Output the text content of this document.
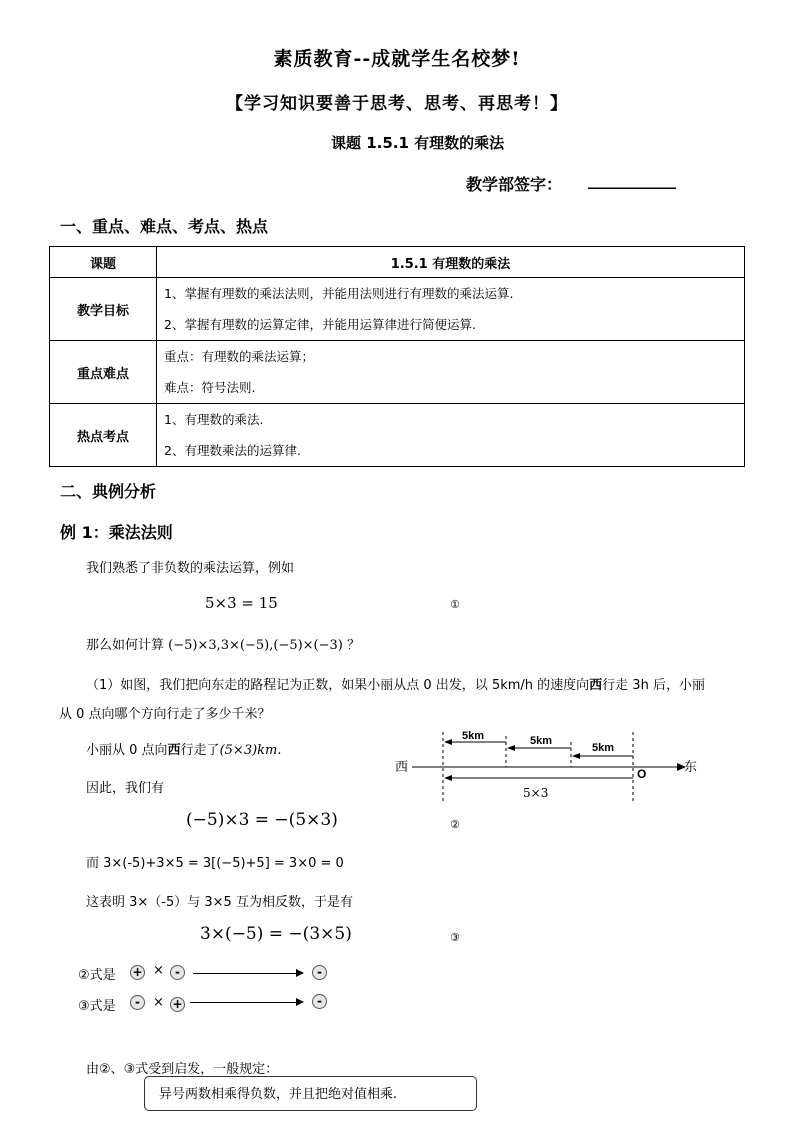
素质教育--成就学生名校梦!
【学习知识要善于思考、思考、再思考！】
课题 1.5.1 有理数的乘法
教学部签字： ___________
一、重点、难点、考点、热点
课题	1.5.1 有理数的乘法
教学目标	1、掌握有理数的乘法法则，并能用法则进行有理数的乘法运算.
2、掌握有理数的运算定律，并能用运算律进行简便运算.

重点难点	重点：有理数的乘法运算；
难点：符号法则.

热点考点	1、有理数的乘法.
2、有理数乘法的运算律.
二、典例分析
例 1：乘法法则
我们熟悉了非负数的乘法运算，例如
5×3 = 15	①
那么如何计算 (−5)×3,3×(−5),(−5)×(−3) ？
（1）如图，我们把向东走的路程记为正数，如果小丽从点 0 出发，以 5km/h 的速度向西行走 3h 后，小丽
从 0 点向哪个方向行走了多少千米？
小丽从 0 点向西行走了(5×3)km.
因此，我们有
(−5)×3 = −(5×3)	②
而 3×(-5)+3×5 = 3[(−5)+5] = 3×0 = 0
这表明 3×（-5）与 3×5 互为相反数，于是有
3×(−5) = −(3×5)	③
②式是 + × -	-
③式是	-	× +	-
由②、③式受到启发，一般规定：
异号两数相乘得负数，并且把绝对值相乘.
5km	5km
5km
西	东
O
5×3
